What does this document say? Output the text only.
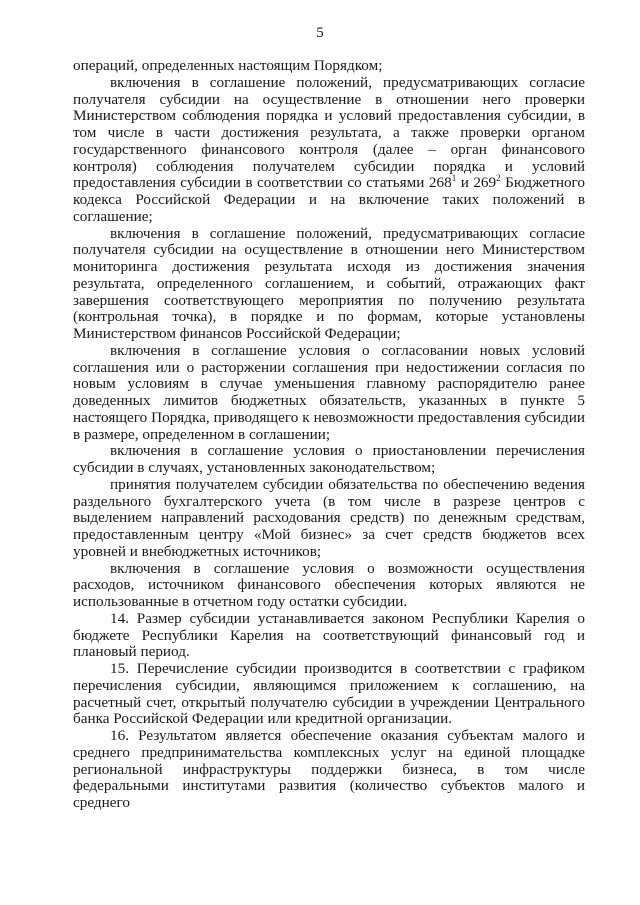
5

операций, определенных настоящим Порядком;

включения в соглашение положений, предусматривающих согласие получателя субсидии на осуществление в отношении него проверки Министерством соблюдения порядка и условий предоставления субсидии, в том числе в части достижения результата, а также проверки органом государственного финансового контроля (далее – орган финансового контроля) соблюдения получателем субсидии порядка и условий предоставления субсидии в соответствии со статьями $268^1$ и $269^2$ Бюджетного кодекса Российской Федерации и на включение таких положений в соглашение;

включения в соглашение положений, предусматривающих согласие получателя субсидии на осуществление в отношении него Министерством мониторинга достижения результата исходя из достижения значения результата, определенного соглашением, и событий, отражающих факт завершения соответствующего мероприятия по получению результата (контрольная точка), в порядке и по формам, которые установлены Министерством финансов Российской Федерации;

включения в соглашение условия о согласовании новых условий соглашения или о расторжении соглашения при недостижении согласия по новым условиям в случае уменьшения главному распорядителю ранее доведенных лимитов бюджетных обязательств, указанных в пункте 5 настоящего Порядка, приводящего к невозможности предоставления субсидии в размере, определенном в соглашении;

включения в соглашение условия о приостановлении перечисления субсидии в случаях, установленных законодательством;

принятия получателем субсидии обязательства по обеспечению ведения раздельного бухгалтерского учета (в том числе в разрезе центров с выделением направлений расходования средств) по денежным средствам, предоставленным центру «Мой бизнес» за счет средств бюджетов всех уровней и внебюджетных источников;

включения в соглашение условия о возможности осуществления расходов, источником финансового обеспечения которых являются не использованные в отчетном году остатки субсидии.

14. Размер субсидии устанавливается законом Республики Карелия о бюджете Республики Карелия на соответствующий финансовый год и плановый период.

15. Перечисление субсидии производится в соответствии с графиком перечисления субсидии, являющимся приложением к соглашению, на расчетный счет, открытый получателю субсидии в учреждении Центрального банка Российской Федерации или кредитной организации.

16. Результатом является обеспечение оказания субъектам малого и среднего предпринимательства комплексных услуг на единой площадке региональной инфраструктуры поддержки бизнеса, в том числе федеральными институтами развития (количество субъектов малого и среднего
